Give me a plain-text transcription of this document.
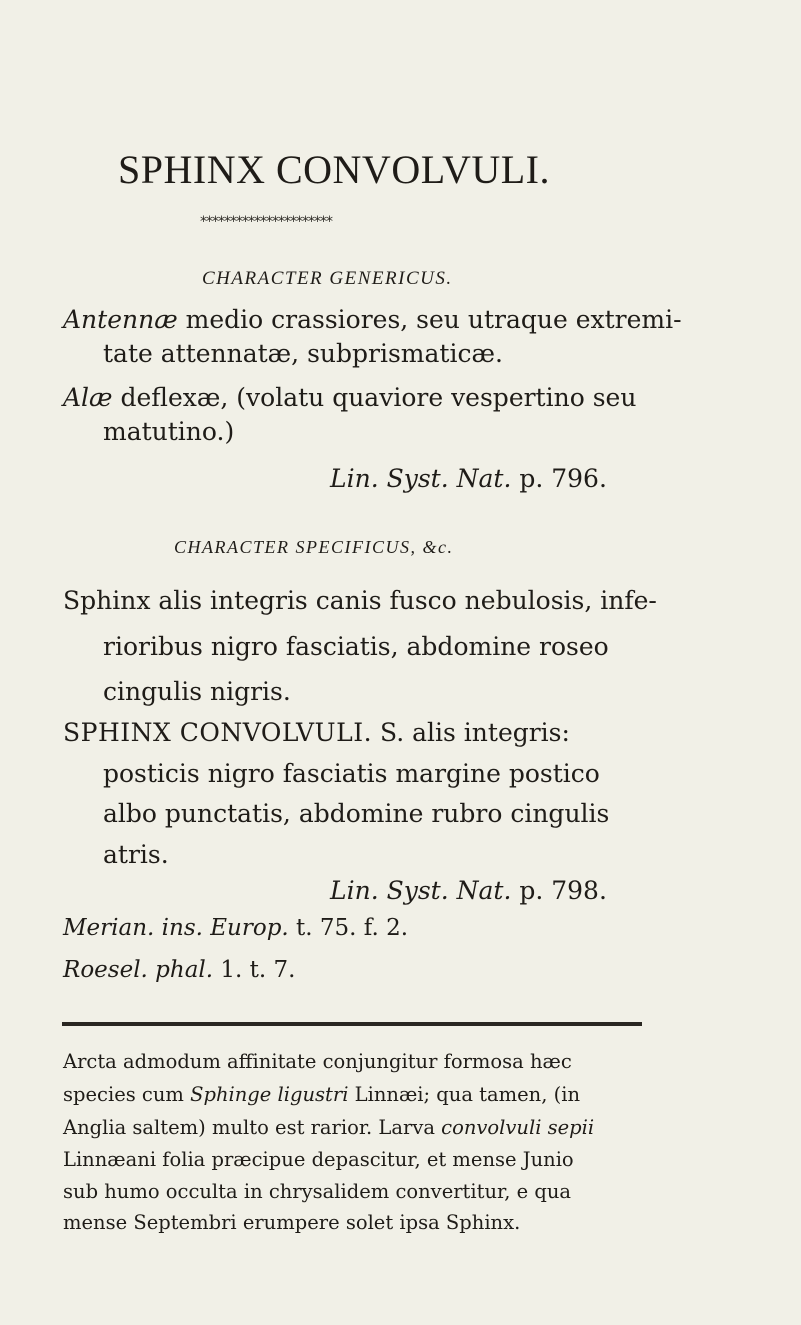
SPHINX CONVOLVULI.
**********************
CHARACTER GENERICUS.
Antennæ medio crassiores, seu utraque extremi-
tate attennatæ, subprismaticæ.
Alæ deflexæ, (volatu quaviore vespertino seu
matutino.)
Lin. Syst. Nat. p. 796.
CHARACTER SPECIFICUS, &c.
Sphinx alis integris canis fusco nebulosis, infe-
rioribus nigro fasciatis, abdomine roseo
cingulis nigris.
SPHINX CONVOLVULI. S. alis integris:
posticis nigro fasciatis margine postico
albo punctatis, abdomine rubro cingulis
atris.
Lin. Syst. Nat. p. 798.
Merian. ins. Europ. t. 75. f. 2.
Roesel. phal. 1. t. 7.
Arcta admodum affinitate conjungitur formosa hæc
species cum Sphinge ligustri Linnæi; qua tamen, (in
Anglia saltem) multo est rarior. Larva convolvuli sepii
Linnæani folia præcipue depascitur, et mense Junio
sub humo occulta in chrysalidem convertitur, e qua
mense Septembri erumpere solet ipsa Sphinx.
